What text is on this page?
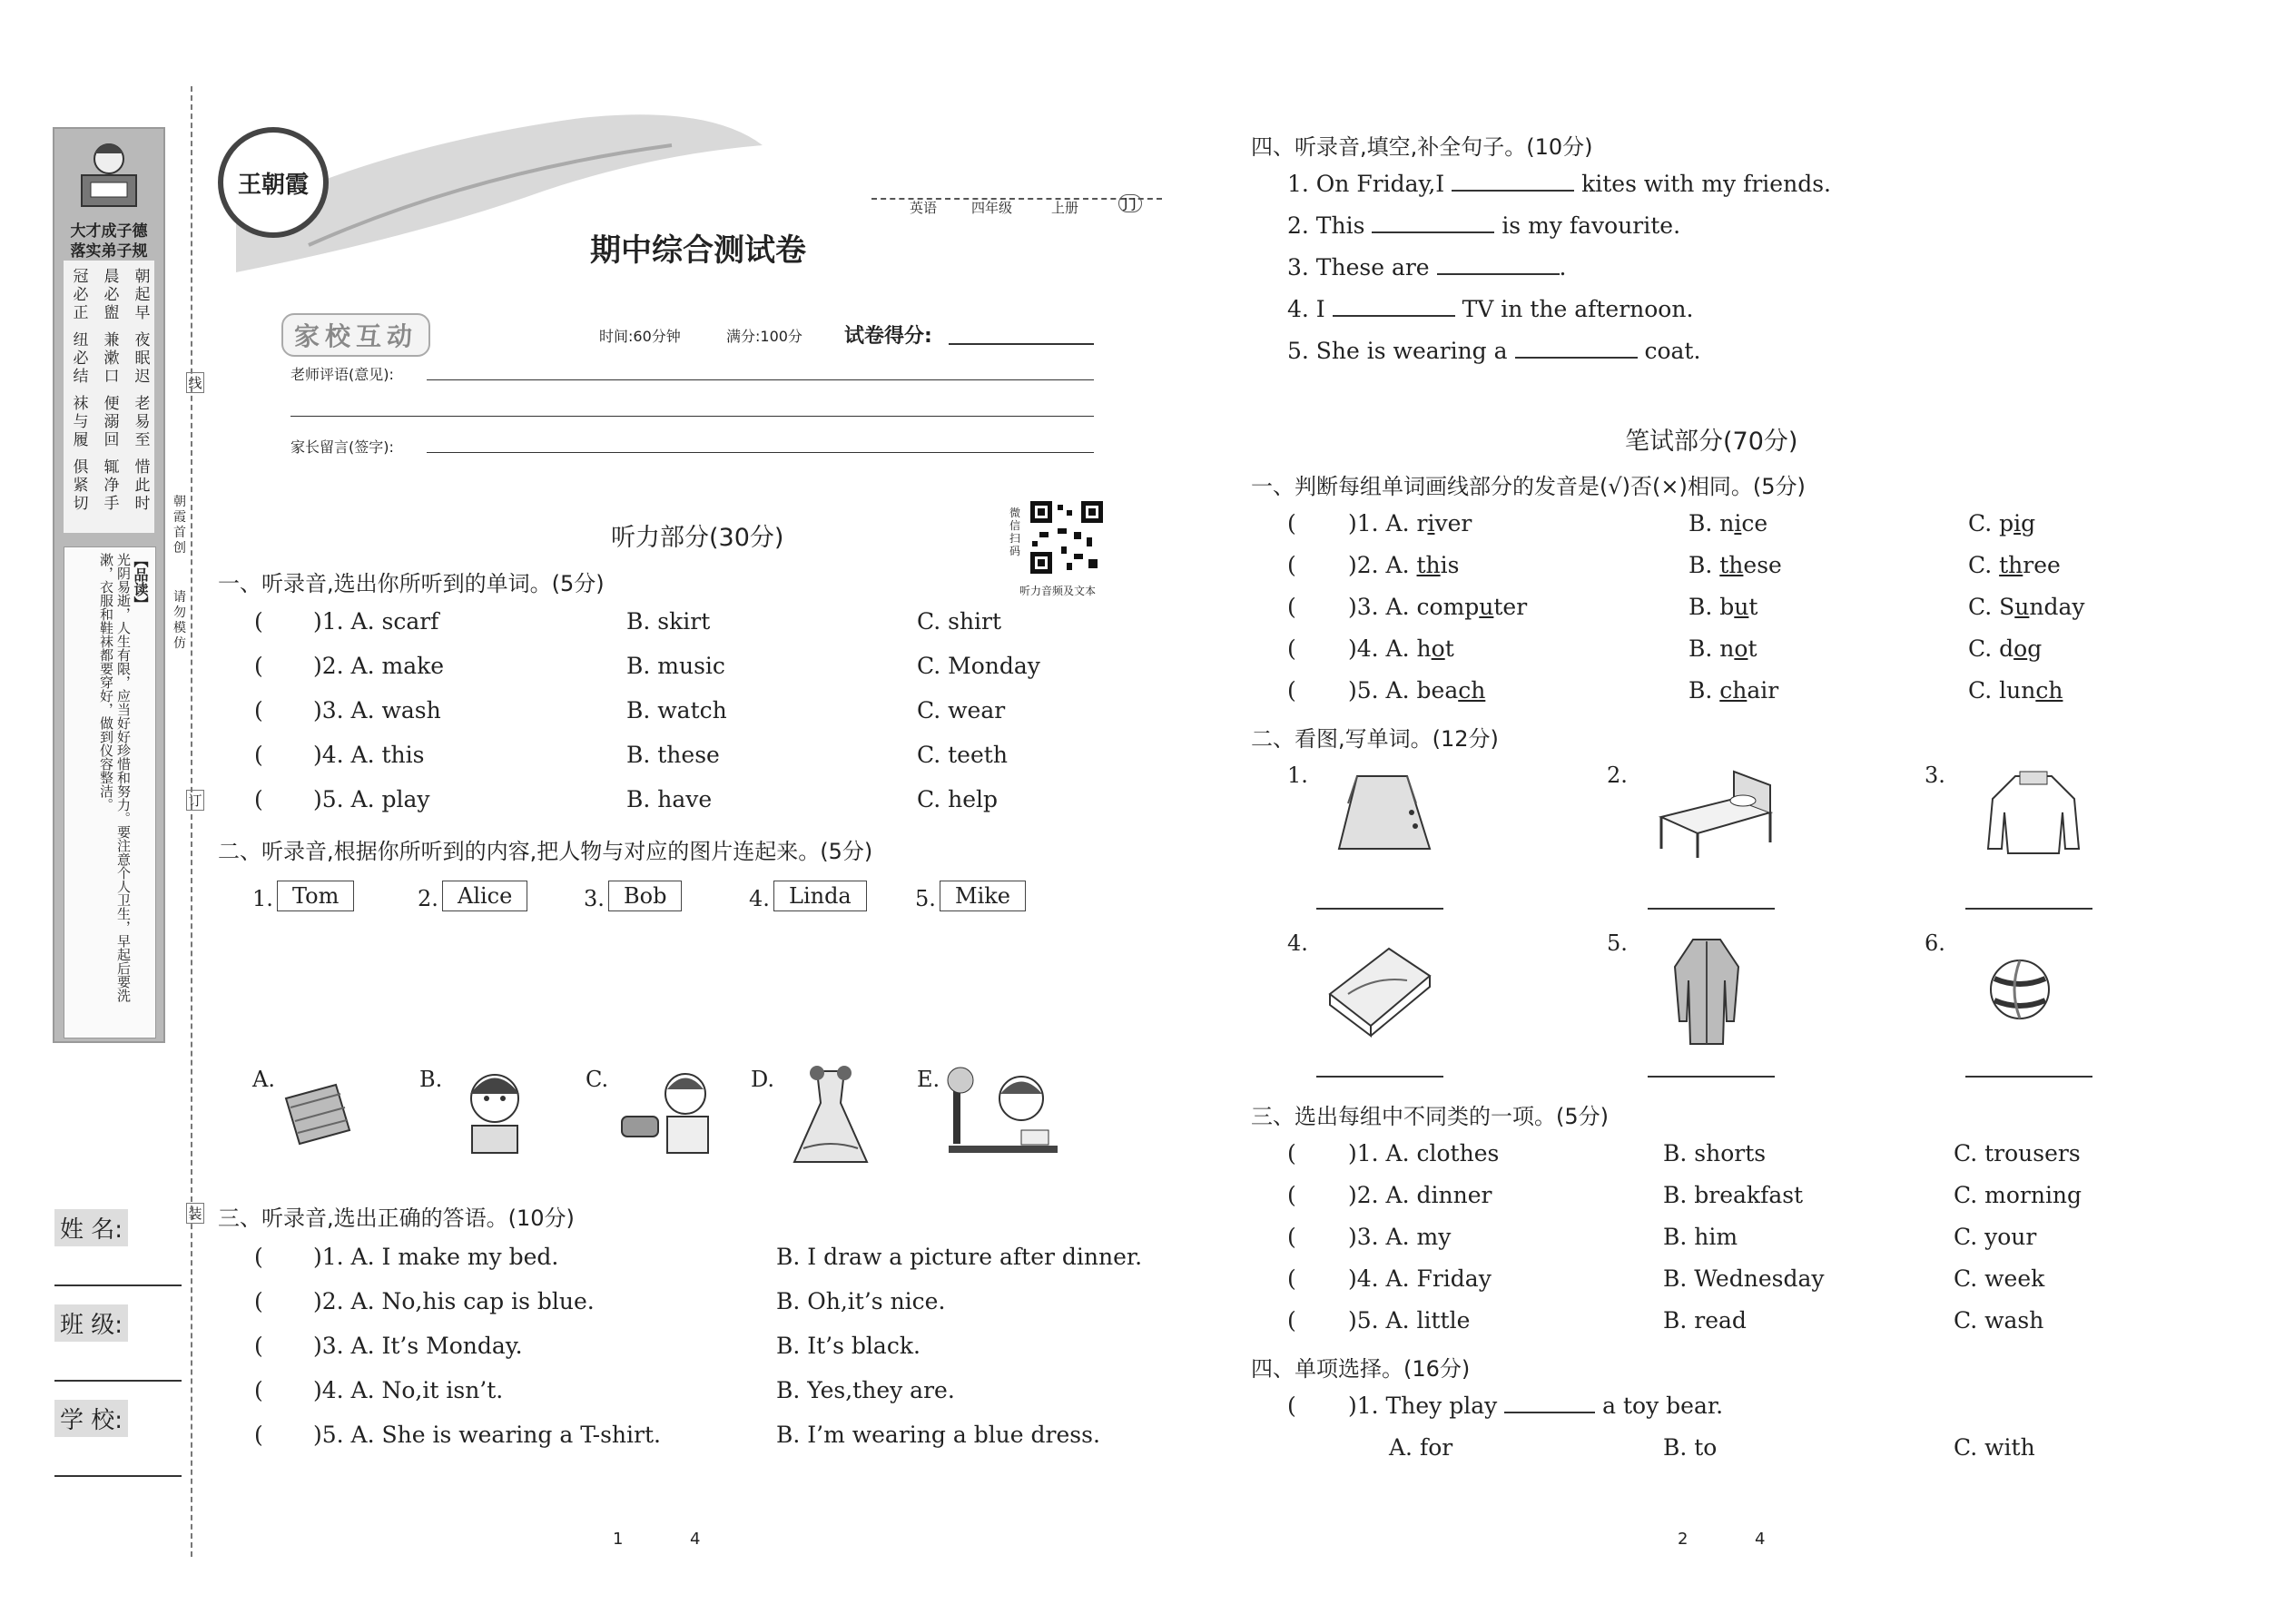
大才成子德
落实弟子规
朝起早
夜眠迟
老易至
惜此时
晨必盥
兼漱口
便溺回
辄净手
冠必正
纽必结
袜与履
俱紧切
【品读】
光阴易逝，人生有限，应当好好珍惜和努力。要注意个人卫生，早起后要洗漱，衣服和鞋袜都要穿好，做到仪容整洁。
线
订
装
朝霞首创
请勿模仿
姓 名:
班 级:
学 校:
王朝霞
期中综合测试卷
英语	四年级	上册	J J
家校互动	时间:60分钟	满分:100分 试卷得分:
老师评语(意见):
家长留言(签字):
微信扫码
听力音频及文本
听力部分(30分)
一、听录音,选出你所听到的单词。(5分)
( )1. A. scarf	B. skirt	C. shirt
( )2. A. make	B. music	C. Monday
( )3. A. wash	B. watch	C. wear
( )4. A. this	B. these	C. teeth
( )5. A. play	B. have	C. help
二、听录音,根据你所听到的内容,把人物与对应的图片连起来。(5分)
1. Tom	2. Alice	3. Bob	4. Linda	5. Mike
A.	B.	C.	D.	E.
三、听录音,选出正确的答语。(10分)
( )1. A. I make my bed.	B. I draw a picture after dinner.
( )2. A. No,his cap is blue.	B. Oh,it’s nice.
( )3. A. It’s Monday.	B. It’s black.
( )4. A. No,it isn’t.	B. Yes,they are.
( )5. A. She is wearing a T-shirt.	B. I’m wearing a blue dress.
1	4
四、听录音,填空,补全句子。(10分)
1. On Friday,I	kites with my friends.
2. This	is my favourite.
3. These are	.
4. I	TV in the afternoon.
5. She is wearing a	coat.
笔试部分(70分)
一、判断每组单词画线部分的发音是(√)否(×)相同。(5分)
( )1. A. river	B. nice	C. pig
( )2. A. this	B. these	C. three
( )3. A. computer	B. but	C. Sunday
( )4. A. hot	B. not	C. dog
( )5. A. beach	B. chair	C. lunch
二、看图,写单词。(12分)
1.	2.	3.
4.	5.	6.
三、选出每组中不同类的一项。(5分)
( )1. A. clothes	B. shorts	C. trousers
( )2. A. dinner	B. breakfast	C. morning
( )3. A. my	B. him	C. your
( )4. A. Friday	B. Wednesday	C. week
( )5. A. little	B. read	C. wash
四、单项选择。(16分)
( )1. They play	a toy bear.
A. for	B. to	C. with
2	4
